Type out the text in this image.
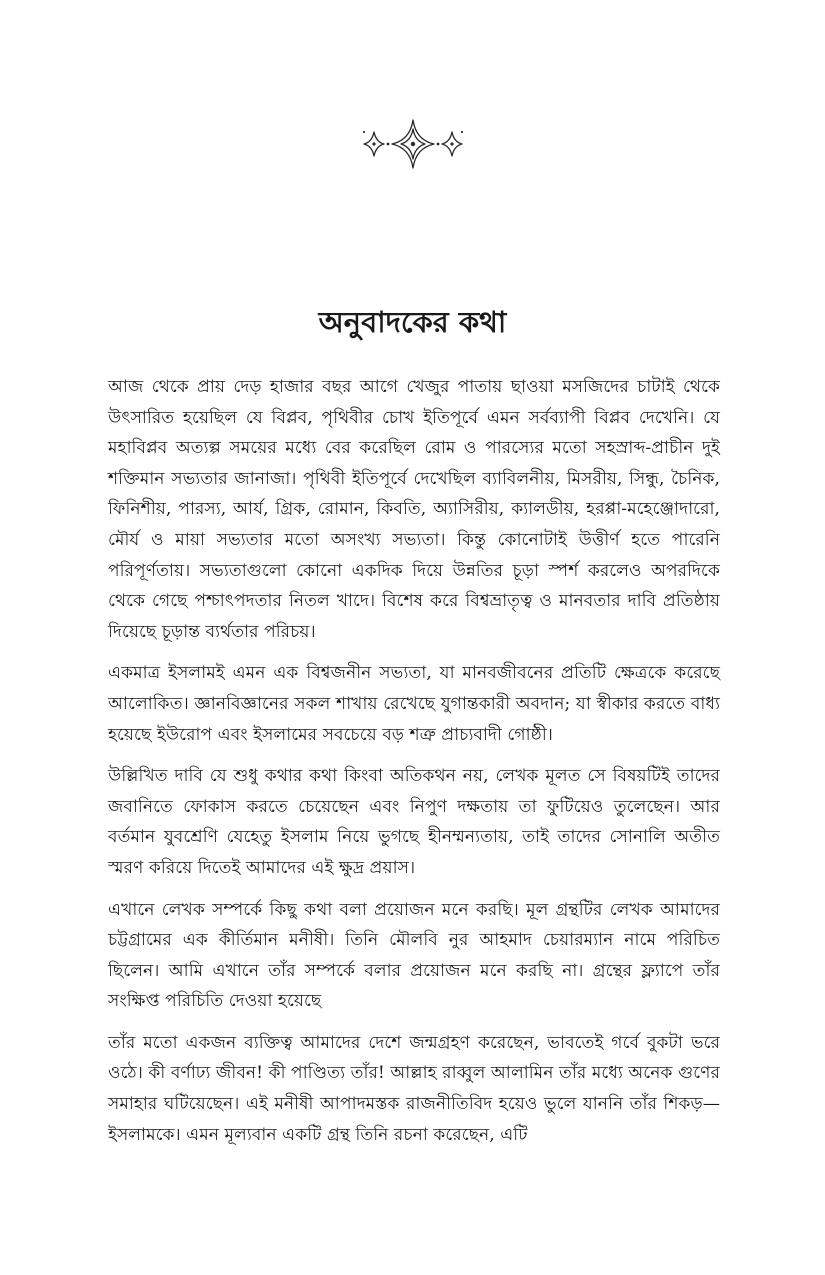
অনুবাদকের কথা

আজ থেকে প্রায় দেড় হাজার বছর আগে খেজুর পাতায় ছাওয়া মসজিদের চাটাই থেকে উৎসারিত হয়েছিল যে বিপ্লব, পৃথিবীর চোখ ইতিপূর্বে এমন সর্বব্যাপী বিপ্লব দেখেনি। যে মহাবিপ্লব অত্যল্প সময়ের মধ্যে বের করেছিল রোম ও পারস্যের মতো সহস্রাব্দ-প্রাচীন দুই শক্তিমান সভ্যতার জানাজা। পৃথিবী ইতিপূর্বে দেখেছিল ব্যাবিলনীয়, মিসরীয়, সিন্ধু, চৈনিক, ফিনিশীয়, পারস্য, আর্য, গ্রিক, রোমান, কিবতি, অ্যাসিরীয়, ক্যালডীয়, হরপ্পা-মহেঞ্জোদারো, মৌর্য ও মায়া সভ্যতার মতো অসংখ্য সভ্যতা। কিন্তু কোনোটাই উত্তীর্ণ হতে পারেনি পরিপূর্ণতায়। সভ্যতাগুলো কোনো একদিক দিয়ে উন্নতির চূড়া স্পর্শ করলেও অপরদিকে থেকে গেছে পশ্চাৎপদতার নিতল খাদে। বিশেষ করে বিশ্বভ্রাতৃত্ব ও মানবতার দাবি প্রতিষ্ঠায় দিয়েছে চূড়ান্ত ব্যর্থতার পরিচয়।

একমাত্র ইসলামই এমন এক বিশ্বজনীন সভ্যতা, যা মানবজীবনের প্রতিটি ক্ষেত্রকে করেছে আলোকিত। জ্ঞানবিজ্ঞানের সকল শাখায় রেখেছে যুগান্তকারী অবদান; যা স্বীকার করতে বাধ্য হয়েছে ইউরোপ এবং ইসলামের সবচেয়ে বড় শত্রু প্রাচ্যবাদী গোষ্ঠী।

উল্লিখিত দাবি যে শুধু কথার কথা কিংবা অতিকথন নয়, লেখক মূলত সে বিষয়টিই তাদের জবানিতে ফোকাস করতে চেয়েছেন এবং নিপুণ দক্ষতায় তা ফুটিয়েও তুলেছেন। আর বর্তমান যুবশ্রেণি যেহেতু ইসলাম নিয়ে ভুগছে হীনম্মন্যতায়, তাই তাদের সোনালি অতীত স্মরণ করিয়ে দিতেই আমাদের এই ক্ষুদ্র প্রয়াস।

এখানে লেখক সম্পর্কে কিছু কথা বলা প্রয়োজন মনে করছি। মূল গ্রন্থটির লেখক আমাদের চট্টগ্রামের এক কীর্তিমান মনীষী। তিনি মৌলবি নুর আহমাদ চেয়ারম্যান নামে পরিচিত ছিলেন। আমি এখানে তাঁর সম্পর্কে বলার প্রয়োজন মনে করছি না। গ্রন্থের ফ্ল্যাপে তাঁর সংক্ষিপ্ত পরিচিতি দেওয়া হয়েছে

তাঁর মতো একজন ব্যক্তিত্ব আমাদের দেশে জন্মগ্রহণ করেছেন, ভাবতেই গর্বে বুকটা ভরে ওঠে। কী বর্ণাঢ্য জীবন! কী পাণ্ডিত্য তাঁর! আল্লাহ রাব্বুল আলামিন তাঁর মধ্যে অনেক গুণের সমাহার ঘটিয়েছেন। এই মনীষী আপাদমস্তক রাজনীতিবিদ হয়েও ভুলে যাননি তাঁর শিকড়—ইসলামকে। এমন মূল্যবান একটি গ্রন্থ তিনি রচনা করেছেন, এটি
